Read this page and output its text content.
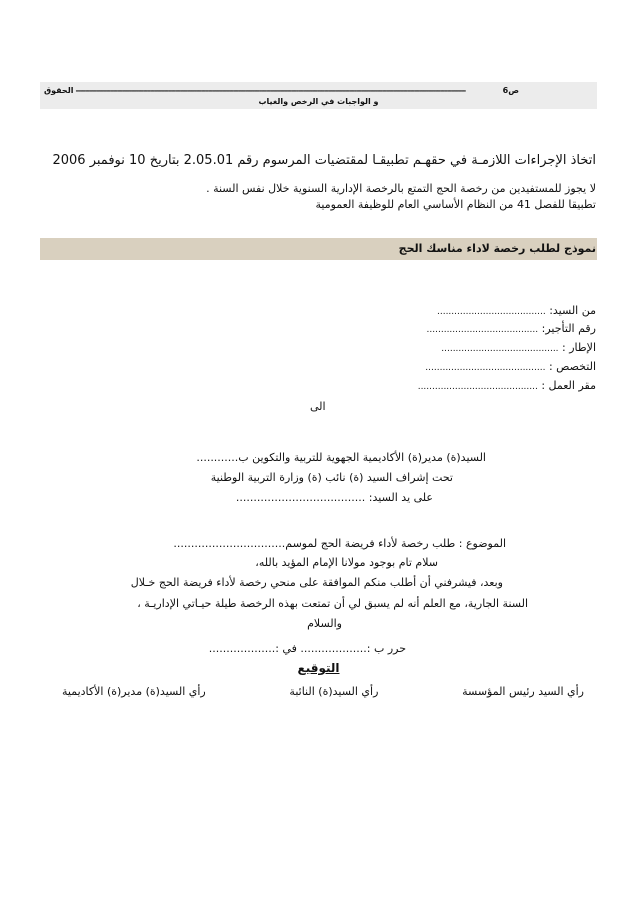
الحقوق ------------------------------------------------------------------------------------------------------------------------------------------------------------------------	ص6
و الواجبات في الرخص والغياب
اتخاذ الإجراءات اللازمـة في حقهـم تطبيقـا لمقتضيات المرسوم رقم 2.05.01 بتاريخ 10 نوفمبر 2006
لا يجوز للمستفيدين من رخصة الحج التمتع بالرخصة الإدارية السنوية خلال نفس السنة .
تطبيقا للفصل 41 من النظام الأساسي العام للوظيفة العمومية
نموذج لطلب رخصة لاداء مناسك الحج
من السيد: ......................................
رقم التأجير: .......................................
الإطار : .........................................
التخصص : ..........................................
مقر العمل : ..........................................
الى
السيد(ة) مدير(ة) الأكاديمية الجهوية للتربية والتكوين ب............
تحت إشراف السيد (ة) نائب (ة) وزارة التربية الوطنية
على يد السيد: .....................................
الموضوع : طلب رخصة لأداء فريضة الحج لموسم................................
سلام تام بوجود مولانا الإمام المؤيد بالله،
وبعد، فيشرفني أن أطلب منكم الموافقة على منحي رخصة لأداء فريضة الحج خـلال
السنة الجارية، مع العلم أنه لم يسبق لي أن تمتعت بهذه الرخصة طيلة حيـاتي الإداريـة ،
والسلام
حرر ب :................... في :...................
التوقيع
رأي السيد رئيس المؤسسة
رأي السيد(ة) النائبة
رأي السيد(ة) مدير(ة) الأكاديمية
